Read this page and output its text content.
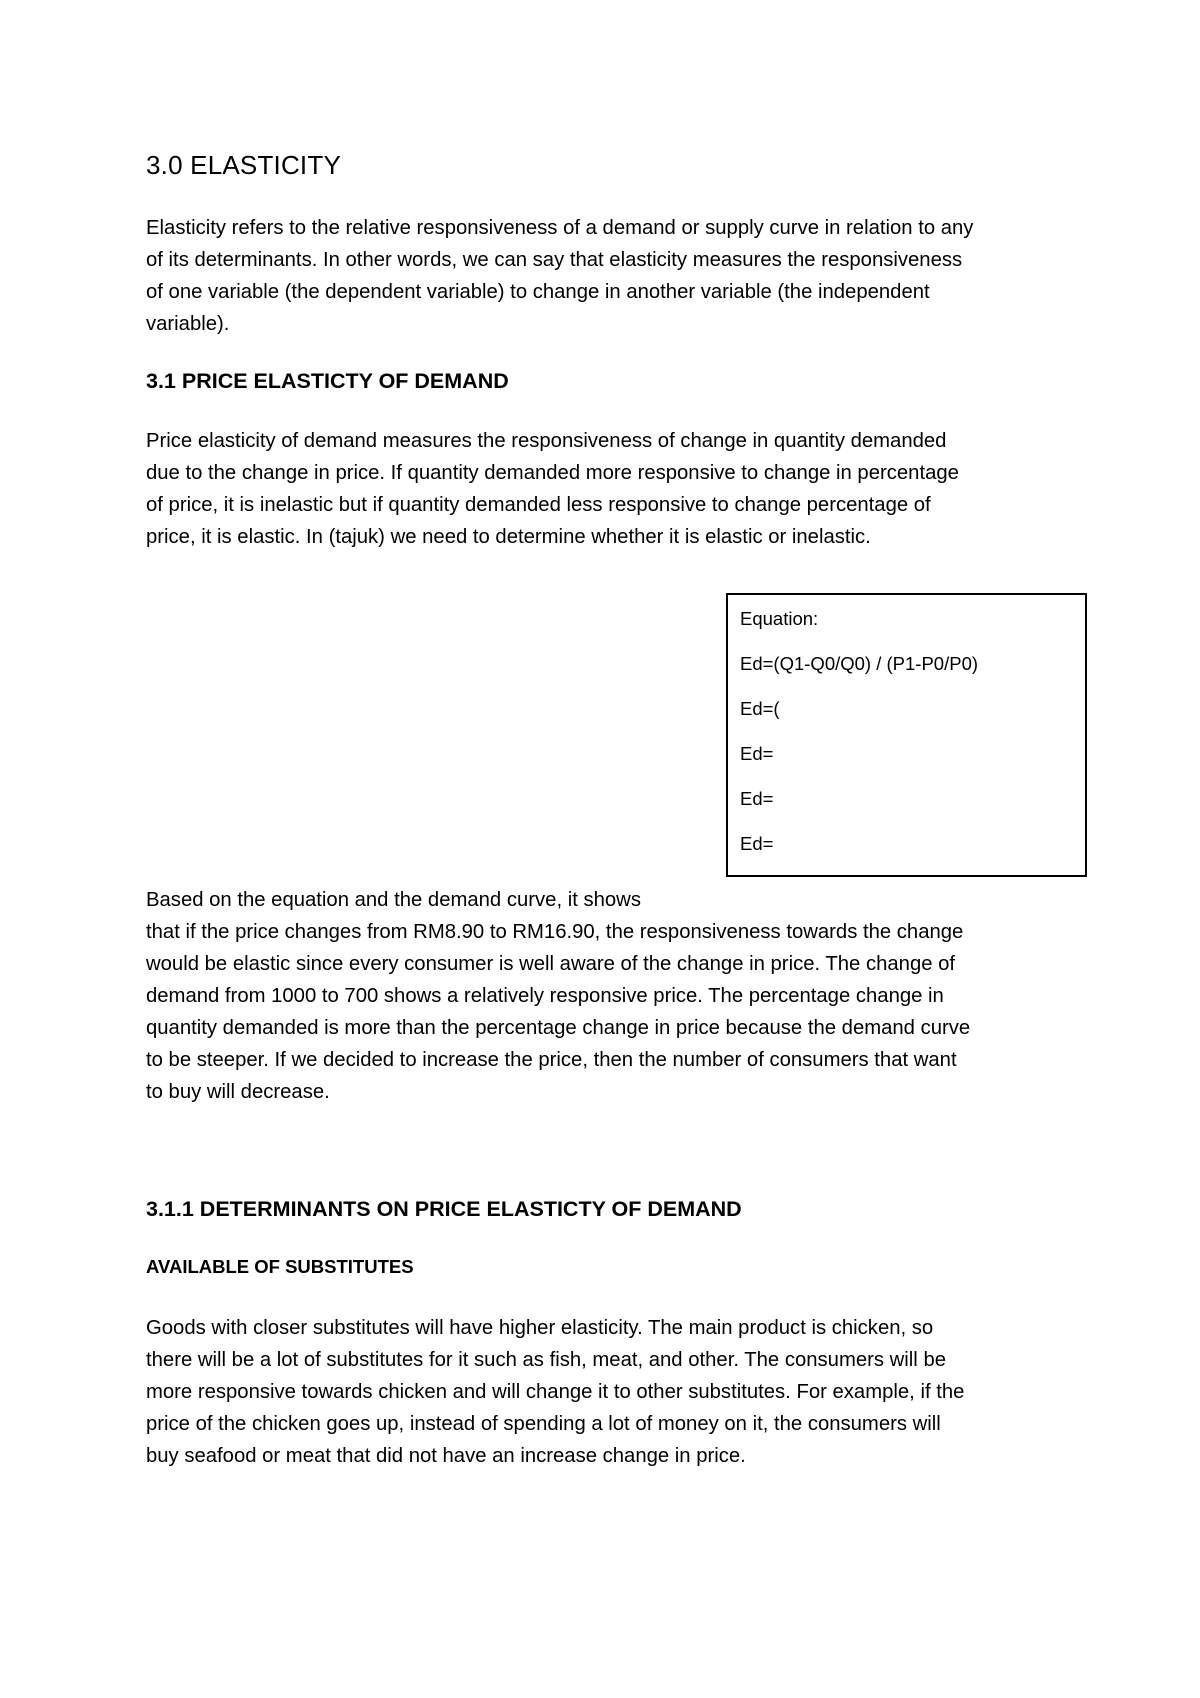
3.0 ELASTICITY

Elasticity refers to the relative responsiveness of a demand or supply curve in relation to any
of its determinants. In other words, we can say that elasticity measures the responsiveness
of one variable (the dependent variable) to change in another variable (the independent
variable).

3.1 PRICE ELASTICTY OF DEMAND

Price elasticity of demand measures the responsiveness of change in quantity demanded
due to the change in price. If quantity demanded more responsive to change in percentage
of price, it is inelastic but if quantity demanded less responsive to change percentage of
price, it is elastic. In (tajuk) we need to determine whether it is elastic or inelastic.

Equation:
Ed=(Q1-Q0/Q0) / (P1-P0/P0)
Ed=(
Ed=
Ed=
Ed=

Based on the equation and the demand curve, it shows
that if the price changes from RM8.90 to RM16.90, the responsiveness towards the change
would be elastic since every consumer is well aware of the change in price. The change of
demand from 1000 to 700 shows a relatively responsive price. The percentage change in
quantity demanded is more than the percentage change in price because the demand curve
to be steeper. If we decided to increase the price, then the number of consumers that want
to buy will decrease.

3.1.1 DETERMINANTS ON PRICE ELASTICTY OF DEMAND
AVAILABLE OF SUBSTITUTES

Goods with closer substitutes will have higher elasticity. The main product is chicken, so
there will be a lot of substitutes for it such as fish, meat, and other. The consumers will be
more responsive towards chicken and will change it to other substitutes. For example, if the
price of the chicken goes up, instead of spending a lot of money on it, the consumers will
buy seafood or meat that did not have an increase change in price.
